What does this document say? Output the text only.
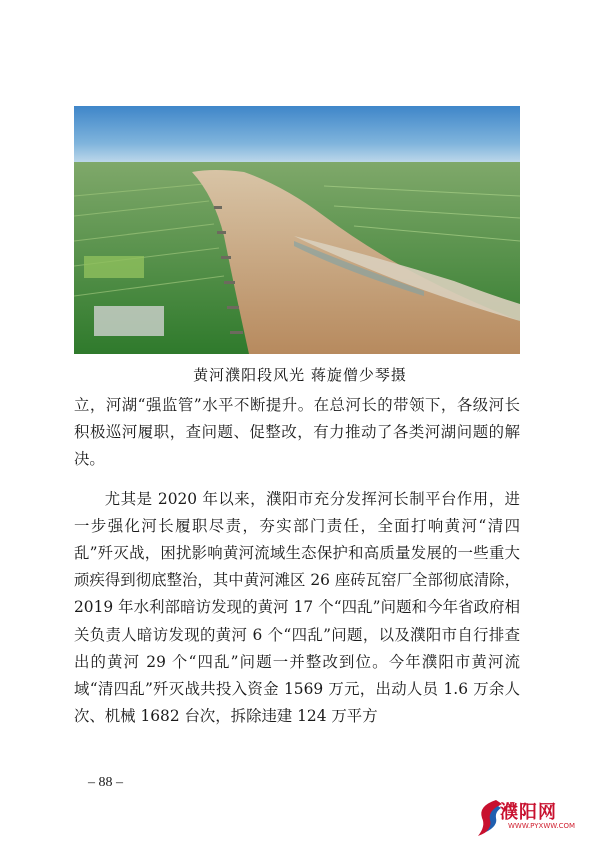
黄河濮阳段风光 蒋旋僧少琴摄

立，河湖“强监管”水平不断提升。在总河长的带领下，各级河长积极巡河履职，查问题、促整改，有力推动了各类河湖问题的解决。

尤其是 2020 年以来，濮阳市充分发挥河长制平台作用，进一步强化河长履职尽责，夯实部门责任，全面打响黄河“清四乱”歼灭战，困扰影响黄河流域生态保护和高质量发展的一些重大顽疾得到彻底整治，其中黄河滩区 26 座砖瓦窑厂全部彻底清除，2019 年水利部暗访发现的黄河 17 个“四乱”问题和今年省政府相关负责人暗访发现的黄河 6 个“四乱”问题，以及濮阳市自行排查出的黄河 29 个“四乱”问题一并整改到位。今年濮阳市黄河流域“清四乱”歼灭战共投入资金 1569 万元，出动人员 1.6 万余人次、机械 1682 台次，拆除违建 124 万平方

– 88 –
濮阳网
WWW.PYXWW.COM
